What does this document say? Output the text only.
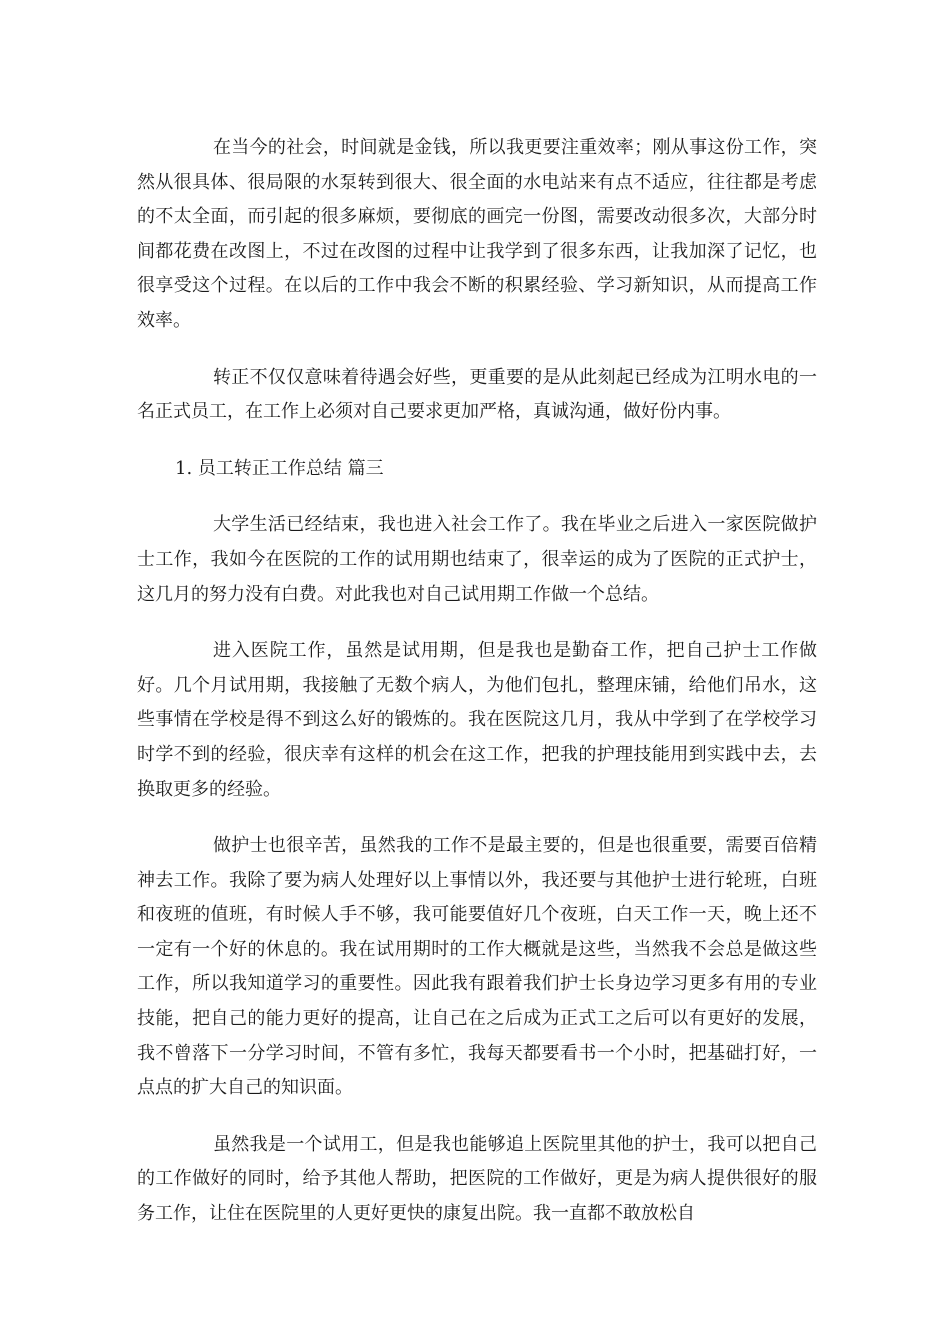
在当今的社会，时间就是金钱，所以我更要注重效率；刚从事这份工作，突然从很具体、很局限的水泵转到很大、很全面的水电站来有点不适应，往往都是考虑的不太全面，而引起的很多麻烦，要彻底的画完一份图，需要改动很多次，大部分时间都花费在改图上，不过在改图的过程中让我学到了很多东西，让我加深了记忆，也很享受这个过程。在以后的工作中我会不断的积累经验、学习新知识，从而提高工作效率。

转正不仅仅意味着待遇会好些，更重要的是从此刻起已经成为江明水电的一名正式员工，在工作上必须对自己要求更加严格，真诚沟通，做好份内事。

1. 员工转正工作总结 篇三

大学生活已经结束，我也进入社会工作了。我在毕业之后进入一家医院做护士工作，我如今在医院的工作的试用期也结束了，很幸运的成为了医院的正式护士，这几月的努力没有白费。对此我也对自己试用期工作做一个总结。

进入医院工作，虽然是试用期，但是我也是勤奋工作，把自己护士工作做好。几个月试用期，我接触了无数个病人，为他们包扎，整理床铺，给他们吊水，这些事情在学校是得不到这么好的锻炼的。我在医院这几月，我从中学到了在学校学习时学不到的经验，很庆幸有这样的机会在这工作，把我的护理技能用到实践中去，去换取更多的经验。

做护士也很辛苦，虽然我的工作不是最主要的，但是也很重要，需要百倍精神去工作。我除了要为病人处理好以上事情以外，我还要与其他护士进行轮班，白班和夜班的值班，有时候人手不够，我可能要值好几个夜班，白天工作一天，晚上还不一定有一个好的休息的。我在试用期时的工作大概就是这些，当然我不会总是做这些工作，所以我知道学习的重要性。因此我有跟着我们护士长身边学习更多有用的专业技能，把自己的能力更好的提高，让自己在之后成为正式工之后可以有更好的发展，我不曾落下一分学习时间，不管有多忙，我每天都要看书一个小时，把基础打好，一点点的扩大自己的知识面。

虽然我是一个试用工，但是我也能够追上医院里其他的护士，我可以把自己的工作做好的同时，给予其他人帮助，把医院的工作做好，更是为病人提供很好的服务工作，让住在医院里的人更好更快的康复出院。我一直都不敢放松自
